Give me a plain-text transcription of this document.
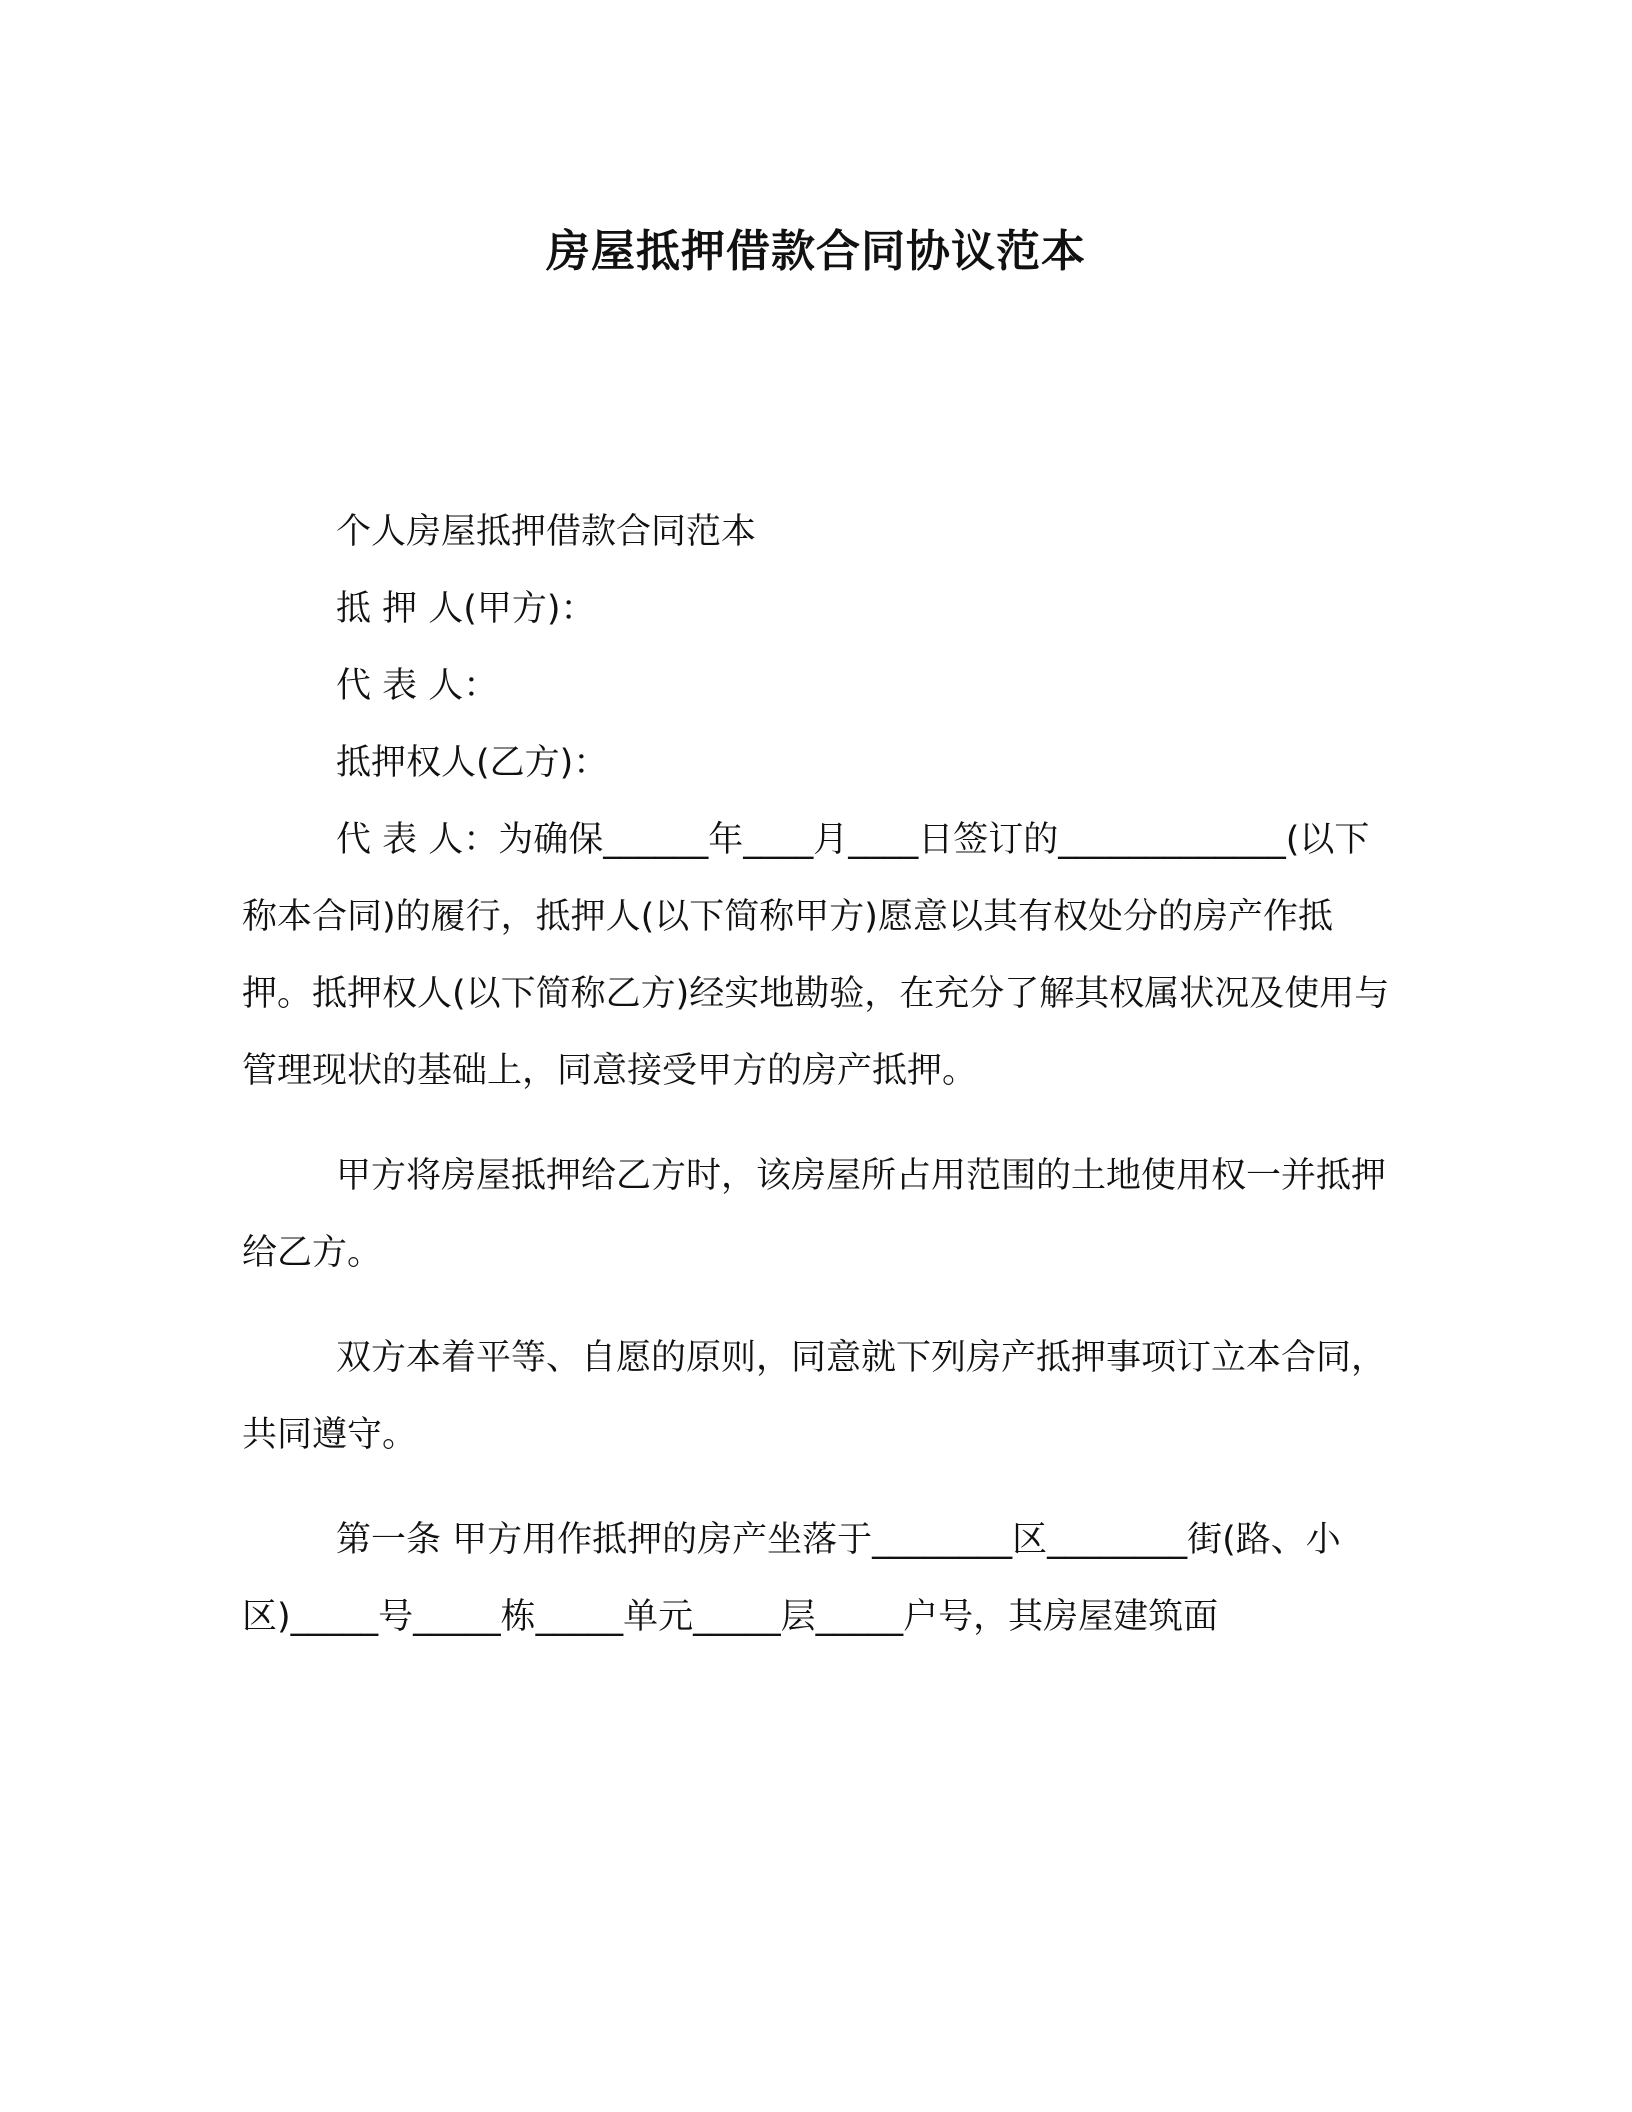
房屋抵押借款合同协议范本

个人房屋抵押借款合同范本

抵 押 人(甲方)：

代 表 人：

抵押权人(乙方)：

代 表 人：为确保______年____月____日签订的_____________(以下称本合同)的履行，抵押人(以下简称甲方)愿意以其有权处分的房产作抵押。抵押权人(以下简称乙方)经实地勘验，在充分了解其权属状况及使用与管理现状的基础上，同意接受甲方的房产抵押。

甲方将房屋抵押给乙方时，该房屋所占用范围的土地使用权一并抵押给乙方。

双方本着平等、自愿的原则，同意就下列房产抵押事项订立本合同，共同遵守。

第一条 甲方用作抵押的房产坐落于________区________街(路、小区)_____号_____栋_____单元_____层_____户号，其房屋建筑面
